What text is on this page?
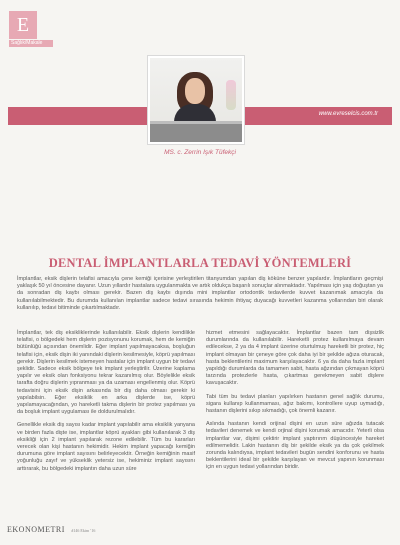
E
Sağlık/Makale
www.evreselcis.com.tr
MS. c. Zerrin Işık Tüfekçi
DENTAL İMPLANTLARLA TEDAVİ YÖNTEMLERİ

İmplantlar, eksik dişlerin telafisi amacıyla çene kemiği içerisine yerleştirilen titanyumdan yapılan diş köküne benzer yapılardır. İmplantların geçmişi yaklaşık 50 yıl öncesine dayanır. Uzun yıllardır hastalara uygulanmakta ve artık oldukça başarılı sonuçlar alınmaktadır. Yapılması için yaş doğuştan ya da sonradan diş kaybı olması gerekir. Bazen diş kaybı dışında mini implantlar ortodontik tedavilerde kuvvet kazanımak amacıyla da kullanılabilmektedir. Bu durumda kullanılan implantlar sadece tedavi sırasında hekimin ihtiyaç duyacağı kuvvetleri kazanma yollarından biri olarak kullanılıp, tedavi bitiminde çıkartılmaktadır.

İmplantlar, tek diş eksikliklerinde kullanılabilir. Eksik dişlerin kendilikle telafisi, o bölgedeki hem dişlerin pozisyonunu korumak, hem de kemiğin bütünlüğü açısından önemlidir. Eğer implant yapılmayacaksa, boşluğun telafisi için, eksik dişin iki yanındaki dişlerin kesilmesiyle, köprü yapılması gerekir. Dişlerin kesilmek istemeyen hastalar için implant uygun bir tedavi şeklidir. Sadece eksik bölgeye tek implant yerleştirilir. Üzerine kaplama yapılır ve eksik olan fonksiyonu tekrar kazanılmış olur. Böylelikle eksik tarafta doğru dişlerin yıpranması ya da uzaması engellenmiş olur. Köprü tedavisini için eksik dişin arkasında bir diş daha olması gerekir ki yapılabilsin. Eğer eksiklik en arka dişlerde ise, köprü yapılamayacağından, yo hareketli takma dişlerin bir protez yapılması ya da boşluk implant uygulaması ile doldurulmalıdır.

Genellikle eksik diş sayısı kadar implant yapılabilir ama eksiklik yanyana ve birden fazla dişte ise, implantlar köprü ayakları gibi kullanılarak 3 diş eksikliği için 2 implant yapılarak rezone edilebilir. Tüm bu kararları verecek olan kişi hastanın hekimidir. Hekim implant yapacağı kemiğin durumuna göre implant sayısını belirleyecektir. Örneğin kemiğinin masif yoğunluğu zayıf ve yükseklik yetersiz ise, hekiminiz implant sayısını arttırarak, bu bölgedeki implantın daha uzun süre

hizmet etmesini sağlayacaktır. İmplantlar bazen tam dişsizlik durumlarında da kullanılabilir. Hareketli protez kullanılmaya devam edilecekse, 2 ya da 4 implant üzerine oturtulmuş hareketli bir protez, hiç implant olmayan bir çeneye göre çok daha iyi bir şekilde ağıza oturacak, hasta beklentilerini maximum karşılayacaktır. 6 ya da daha fazla implant yapıldığı durumlarda da tamamen sabit, hasta ağzından çıkmayan köprü tarzında protezlerle hasta, çıkartmas gerekmeyen sabit dişlere kavuşacaktır.

Tabi tüm bu tedavi planları yapılırken hastanın genel sağlık durumu, sigara kullanıp kullanmaması, ağız bakımı, kontrollere uyup uymadığı, hastanın dişlerini sıkıp sıkmadığı, çok önemli kazanır.

Aslında hastanın kendi orijinal dişini en uzun süre ağızda tutacak tedavileri denemek ve kendi orjinal dişini korumak amacıdır. Yeterli olsa implantlar var, dişimi çektirir implant yaptırırım düşüncesiyle hareket edilmemelidir. Lakin hastanın diş bir şekilde eksik ya da çok çekilmek zorunda kalındıysa, implant tedavileri bugün sendini konforunu ve hasta beklentilerini ideal bir şekilde karşılayan ve mevcut yapının korunması için en uygun tedavi yollarından biridir.

EKONOMETRI #146 Ekim ’16
